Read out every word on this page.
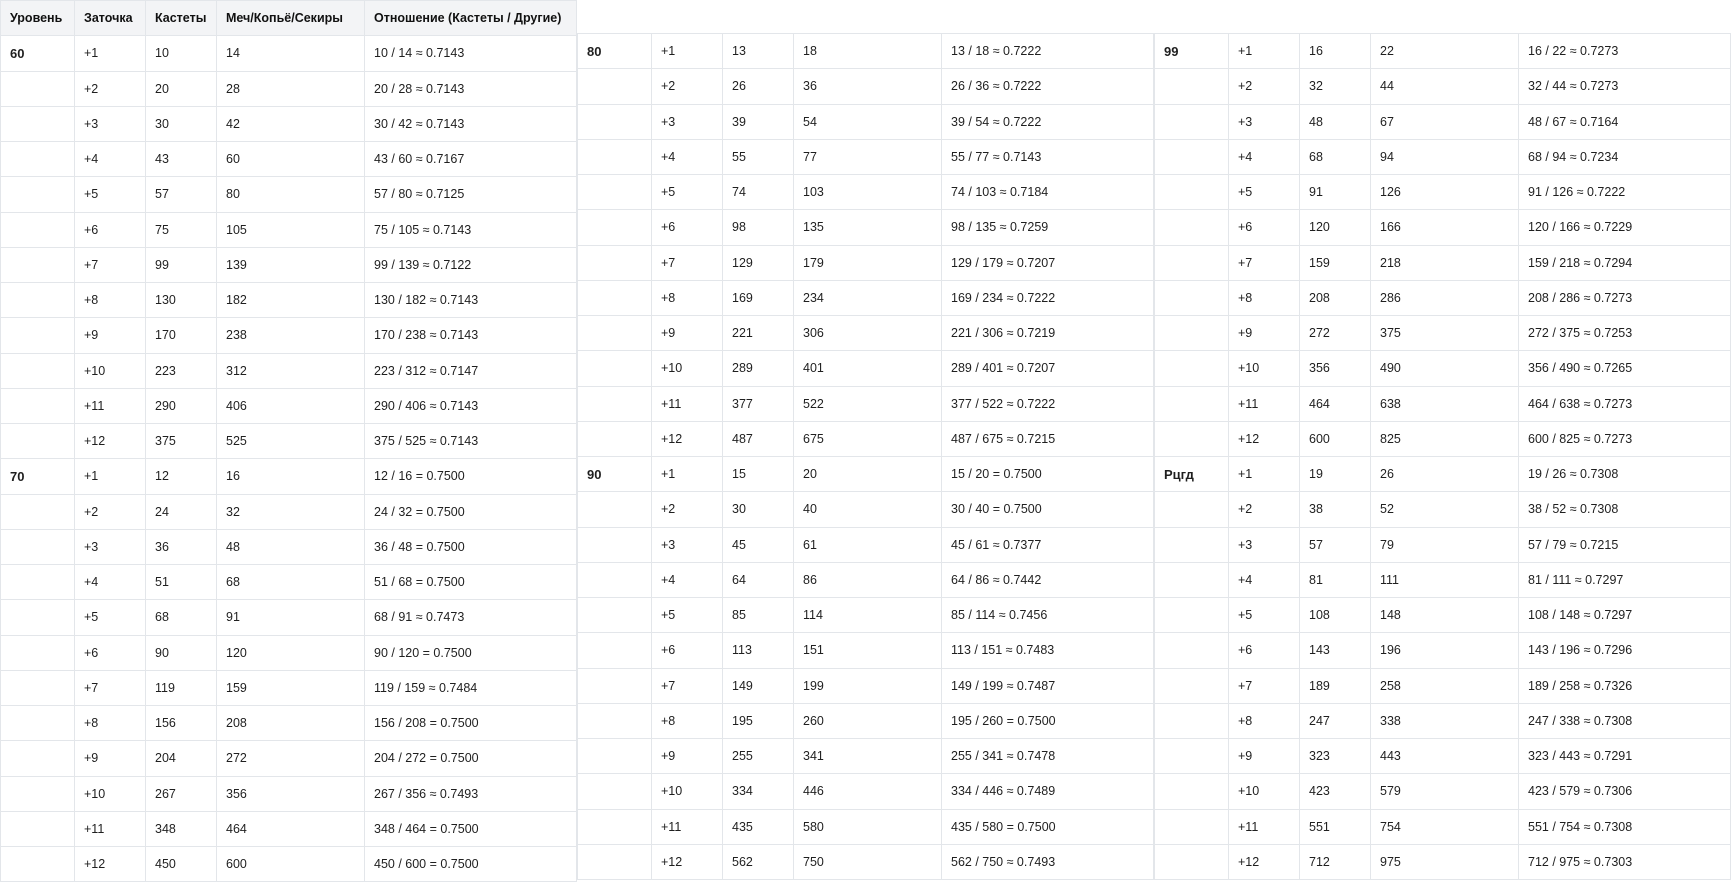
Уровень	Заточка	Кастеты	Меч/Копьё/Секиры	Отношение (Кастеты / Другие)
60	+1	10	14	10 / 14 ≈ 0.7143
	+2	20	28	20 / 28 ≈ 0.7143
	+3	30	42	30 / 42 ≈ 0.7143
	+4	43	60	43 / 60 ≈ 0.7167
	+5	57	80	57 / 80 ≈ 0.7125
	+6	75	105	75 / 105 ≈ 0.7143
	+7	99	139	99 / 139 ≈ 0.7122
	+8	130	182	130 / 182 ≈ 0.7143
	+9	170	238	170 / 238 ≈ 0.7143
	+10	223	312	223 / 312 ≈ 0.7147
	+11	290	406	290 / 406 ≈ 0.7143
	+12	375	525	375 / 525 ≈ 0.7143
70	+1	12	16	12 / 16 = 0.7500
	+2	24	32	24 / 32 = 0.7500
	+3	36	48	36 / 48 = 0.7500
	+4	51	68	51 / 68 = 0.7500
	+5	68	91	68 / 91 ≈ 0.7473
	+6	90	120	90 / 120 = 0.7500
	+7	119	159	119 / 159 ≈ 0.7484
	+8	156	208	156 / 208 = 0.7500
	+9	204	272	204 / 272 = 0.7500
	+10	267	356	267 / 356 ≈ 0.7493
	+11	348	464	348 / 464 = 0.7500
	+12	450	600	450 / 600 = 0.7500
80	+1	13	18	13 / 18 ≈ 0.7222
	+2	26	36	26 / 36 ≈ 0.7222
	+3	39	54	39 / 54 ≈ 0.7222
	+4	55	77	55 / 77 ≈ 0.7143
	+5	74	103	74 / 103 ≈ 0.7184
	+6	98	135	98 / 135 ≈ 0.7259
	+7	129	179	129 / 179 ≈ 0.7207
	+8	169	234	169 / 234 ≈ 0.7222
	+9	221	306	221 / 306 ≈ 0.7219
	+10	289	401	289 / 401 ≈ 0.7207
	+11	377	522	377 / 522 ≈ 0.7222
	+12	487	675	487 / 675 ≈ 0.7215
90	+1	15	20	15 / 20 = 0.7500
	+2	30	40	30 / 40 = 0.7500
	+3	45	61	45 / 61 ≈ 0.7377
	+4	64	86	64 / 86 ≈ 0.7442
	+5	85	114	85 / 114 ≈ 0.7456
	+6	113	151	113 / 151 ≈ 0.7483
	+7	149	199	149 / 199 ≈ 0.7487
	+8	195	260	195 / 260 = 0.7500
	+9	255	341	255 / 341 ≈ 0.7478
	+10	334	446	334 / 446 ≈ 0.7489
	+11	435	580	435 / 580 = 0.7500
	+12	562	750	562 / 750 ≈ 0.7493
99	+1	16	22	16 / 22 ≈ 0.7273
	+2	32	44	32 / 44 ≈ 0.7273
	+3	48	67	48 / 67 ≈ 0.7164
	+4	68	94	68 / 94 ≈ 0.7234
	+5	91	126	91 / 126 ≈ 0.7222
	+6	120	166	120 / 166 ≈ 0.7229
	+7	159	218	159 / 218 ≈ 0.7294
	+8	208	286	208 / 286 ≈ 0.7273
	+9	272	375	272 / 375 ≈ 0.7253
	+10	356	490	356 / 490 ≈ 0.7265
	+11	464	638	464 / 638 ≈ 0.7273
	+12	600	825	600 / 825 ≈ 0.7273
Рцгд	+1	19	26	19 / 26 ≈ 0.7308
	+2	38	52	38 / 52 ≈ 0.7308
	+3	57	79	57 / 79 ≈ 0.7215
	+4	81	111	81 / 111 ≈ 0.7297
	+5	108	148	108 / 148 ≈ 0.7297
	+6	143	196	143 / 196 ≈ 0.7296
	+7	189	258	189 / 258 ≈ 0.7326
	+8	247	338	247 / 338 ≈ 0.7308
	+9	323	443	323 / 443 ≈ 0.7291
	+10	423	579	423 / 579 ≈ 0.7306
	+11	551	754	551 / 754 ≈ 0.7308
	+12	712	975	712 / 975 ≈ 0.7303
